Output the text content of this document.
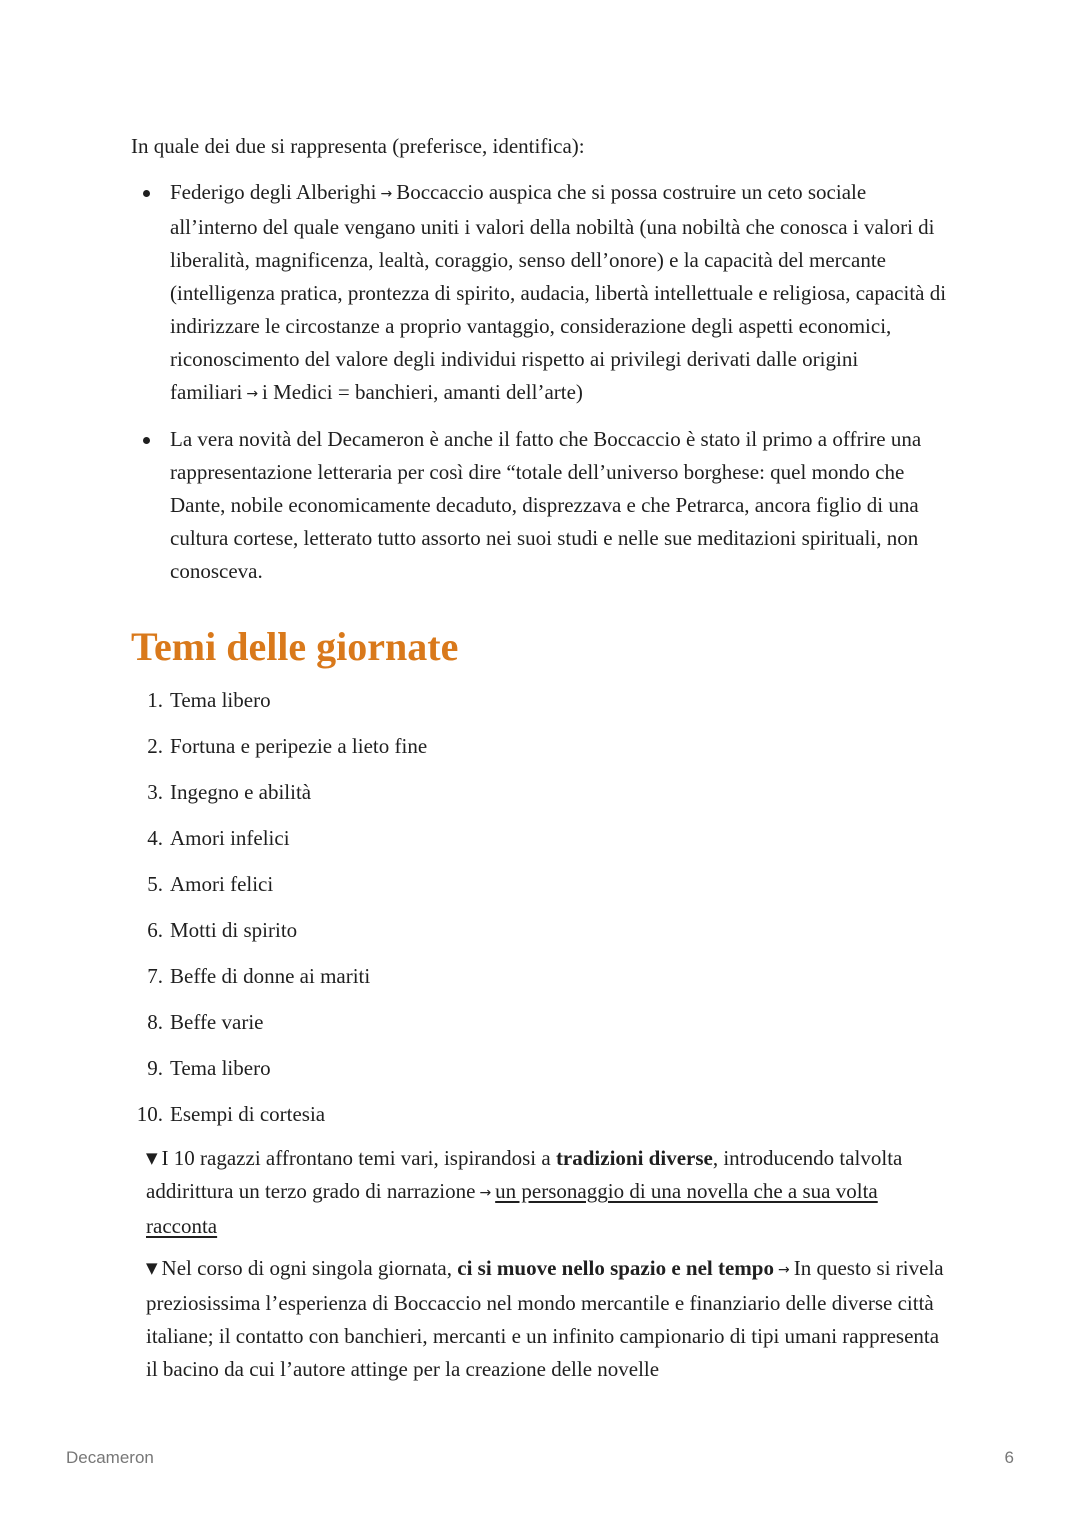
In quale dei due si rappresenta (preferisce, identifica):

Federigo degli Alberighi → Boccaccio auspica che si possa costruire un ceto sociale all’interno del quale vengano uniti i valori della nobiltà (una nobiltà che conosca i valori di liberalità, magnificenza, lealtà, coraggio, senso dell’onore) e la capacità del mercante (intelligenza pratica, prontezza di spirito, audacia, libertà intellettuale e religiosa, capacità di indirizzare le circostanze a proprio vantaggio, considerazione degli aspetti economici, riconoscimento del valore degli individui rispetto ai privilegi derivati dalle origini familiari → i Medici = banchieri, amanti dell’arte)
La vera novità del Decameron è anche il fatto che Boccaccio è stato il primo a offrire una rappresentazione letteraria per così dire “totale dell’universo borghese: quel mondo che Dante, nobile economicamente decaduto, disprezzava e che Petrarca, ancora figlio di una cultura cortese, letterato tutto assorto nei suoi studi e nelle sue meditazioni spirituali, non conosceva.
Temi delle giornate
1. Tema libero
2. Fortuna e peripezie a lieto fine
3. Ingegno e abilità
4. Amori infelici
5. Amori felici
6. Motti di spirito
7. Beffe di donne ai mariti
8. Beffe varie
9. Tema libero
10. Esempi di cortesia

▼ I 10 ragazzi affrontano temi vari, ispirandosi a tradizioni diverse, introducendo talvolta addirittura un terzo grado di narrazione → un personaggio di una novella che a sua volta racconta

▼ Nel corso di ogni singola giornata, ci si muove nello spazio e nel tempo → In questo si rivela preziosissima l’esperienza di Boccaccio nel mondo mercantile e finanziario delle diverse città italiane; il contatto con banchieri, mercanti e un infinito campionario di tipi umani rappresenta il bacino da cui l’autore attinge per la creazione delle novelle

Decameron	6
